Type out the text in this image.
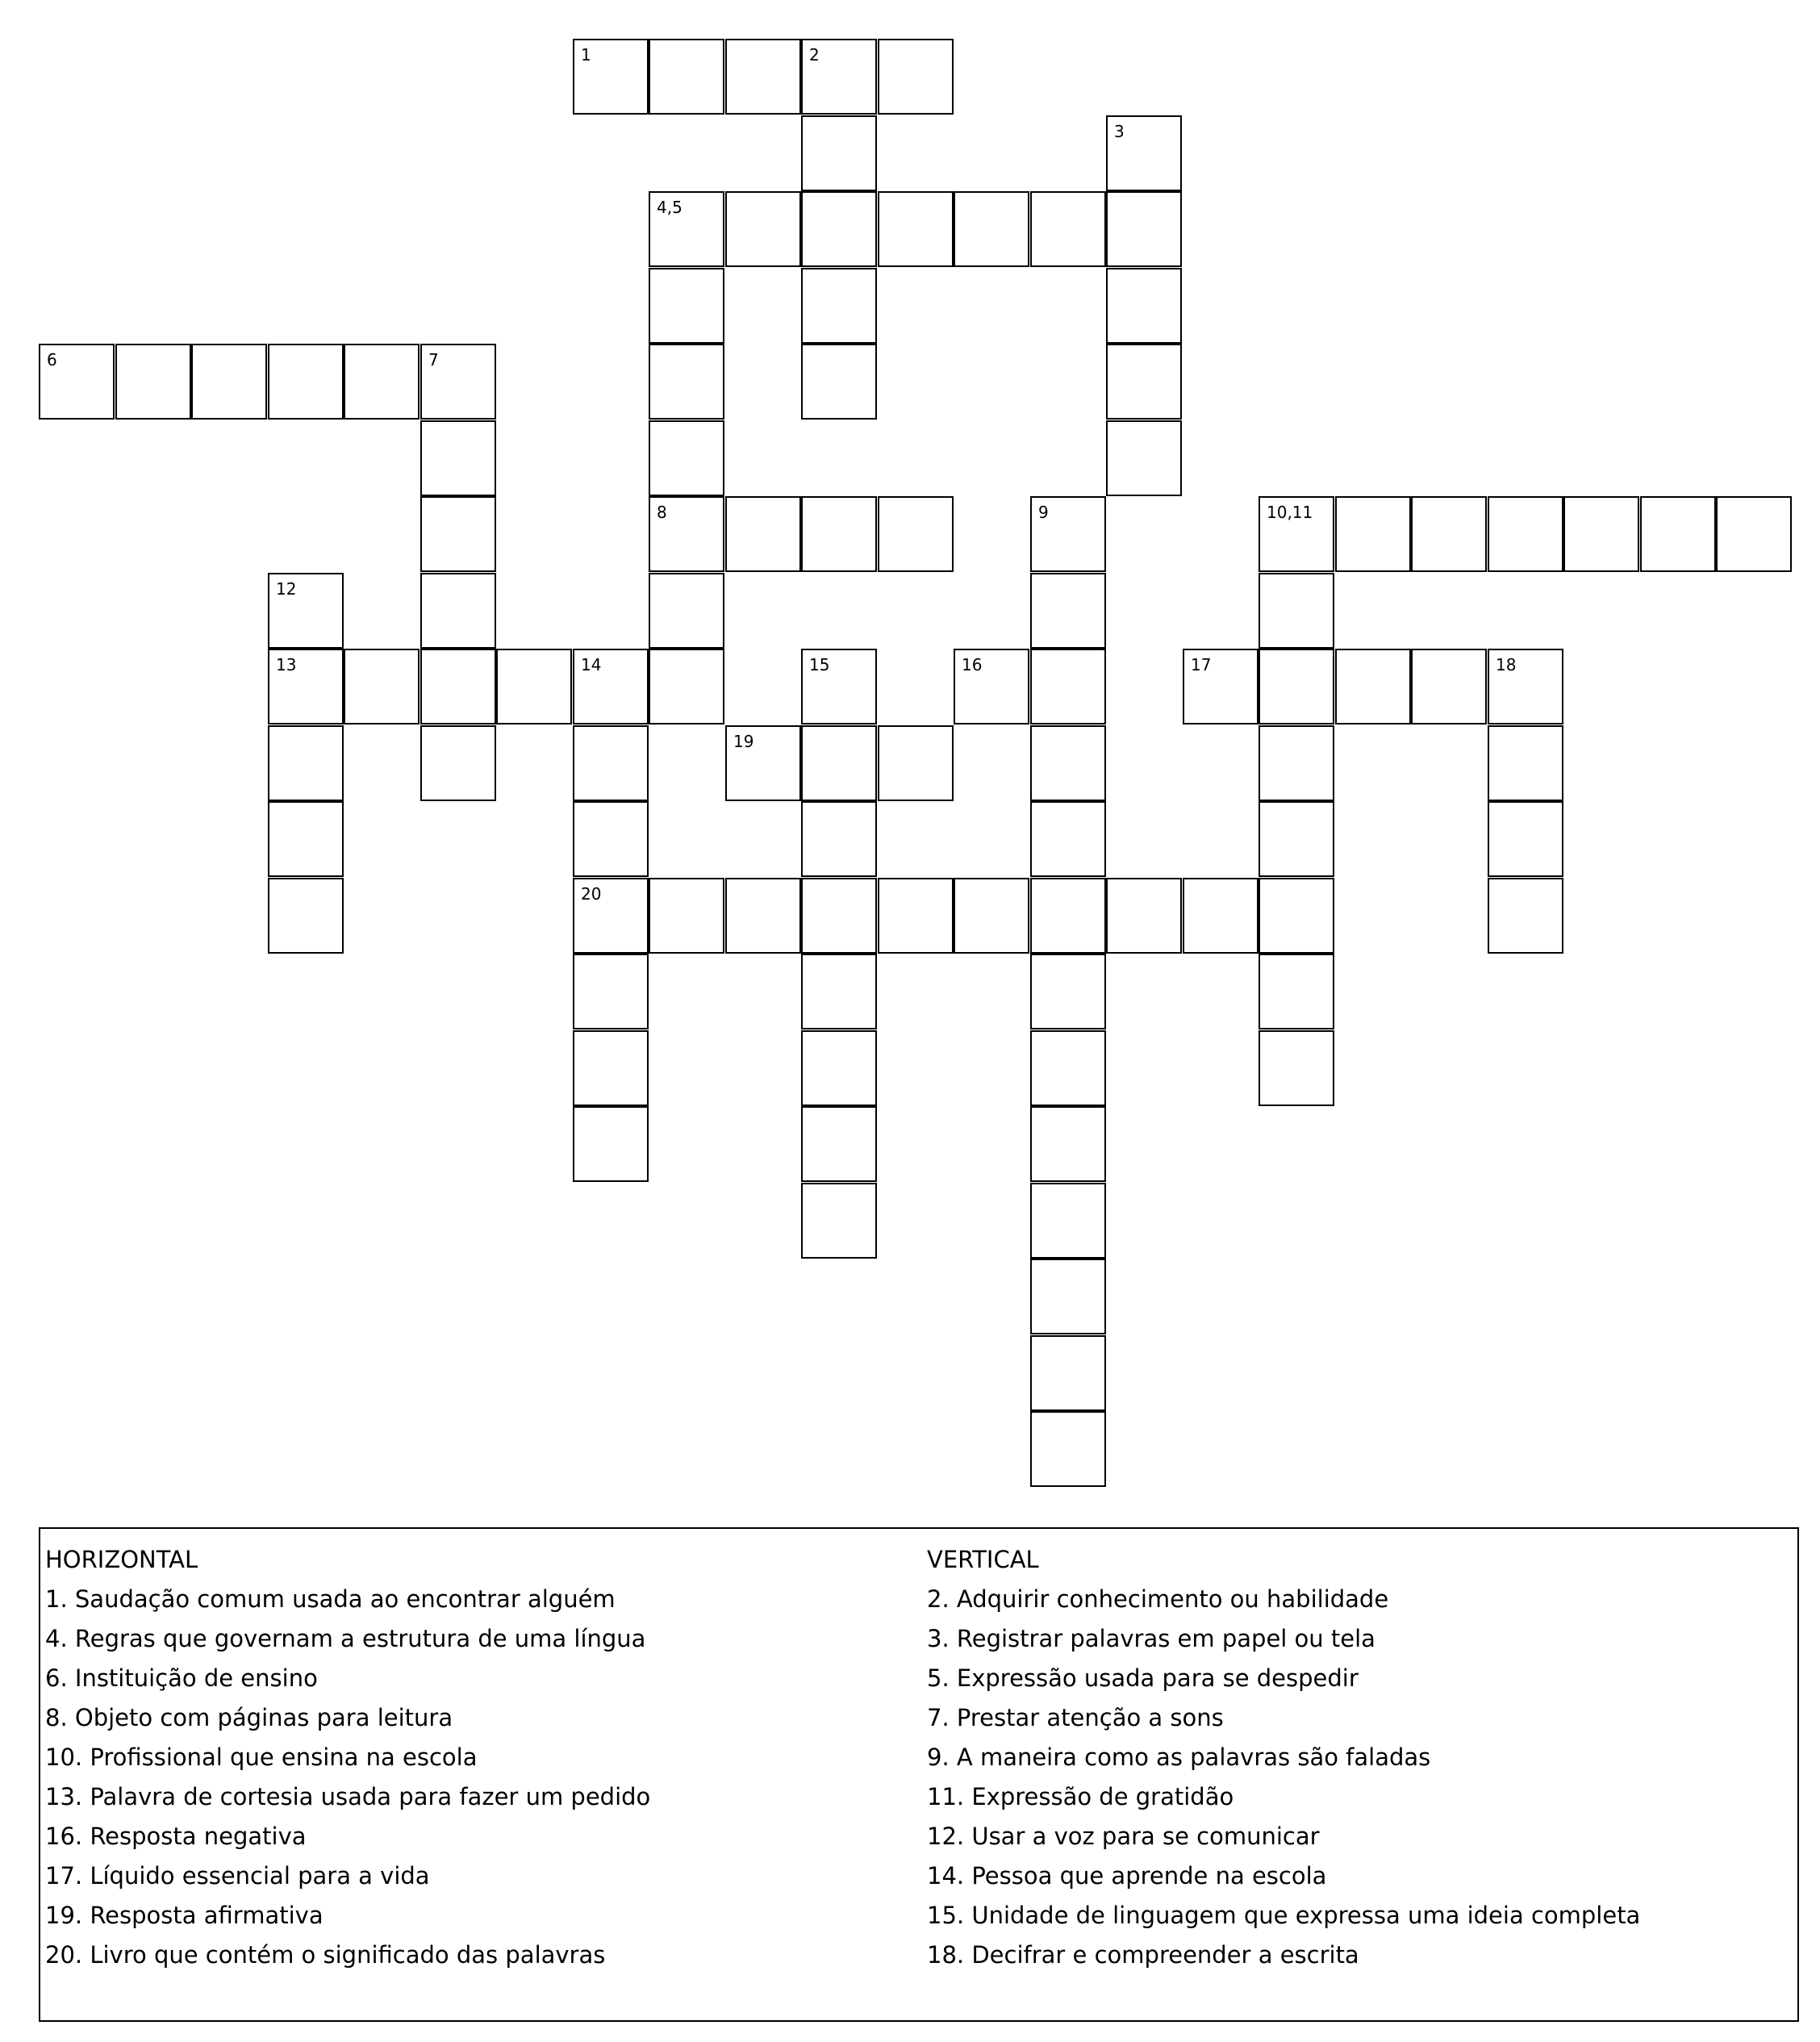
1	2
3
4,5
6	7
8	9	10,11
12
13	14	15	16	17	18
19
20
HORIZONTAL
1. Saudação comum usada ao encontrar alguém
4. Regras que governam a estrutura de uma língua
6. Instituição de ensino
8. Objeto com páginas para leitura
10. Profissional que ensina na escola
13. Palavra de cortesia usada para fazer um pedido
16. Resposta negativa
17. Líquido essencial para a vida
19. Resposta afirmativa
20. Livro que contém o significado das palavras
VERTICAL
2. Adquirir conhecimento ou habilidade
3. Registrar palavras em papel ou tela
5. Expressão usada para se despedir
7. Prestar atenção a sons
9. A maneira como as palavras são faladas
11. Expressão de gratidão
12. Usar a voz para se comunicar
14. Pessoa que aprende na escola
15. Unidade de linguagem que expressa uma ideia completa
18. Decifrar e compreender a escrita
